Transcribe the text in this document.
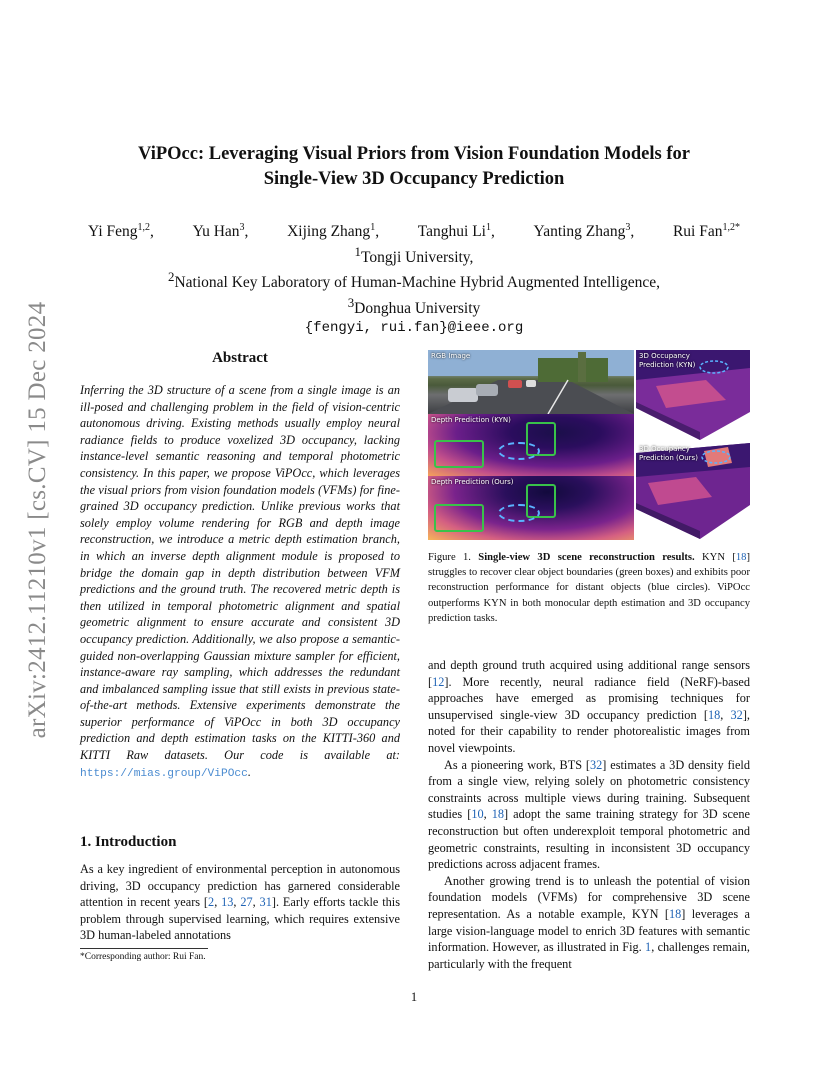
arXiv:2412.11210v1 [cs.CV] 15 Dec 2024
ViPOcc: Leveraging Visual Priors from Vision Foundation Models for
Single-View 3D Occupancy Prediction
Yi Feng$^{1,2}$, Yu Han$^3$, Xijing Zhang$^1$, Tanghui Li$^1$, Yanting Zhang$^3$, Rui Fan$^{1,2*}$
$^1$Tongji University,
$^2$National Key Laboratory of Human-Machine Hybrid Augmented Intelligence,
$^3$Donghua University
{fengyi, rui.fan}@ieee.org
Abstract

Inferring the 3D structure of a scene from a single image is an ill-posed and challenging problem in the field of vision-centric autonomous driving. Existing methods usually employ neural radiance fields to produce voxelized 3D occupancy, lacking instance-level semantic reasoning and temporal photometric consistency. In this paper, we propose ViPOcc, which leverages the visual priors from vision foundation models (VFMs) for fine-grained 3D occupancy prediction. Unlike previous works that solely employ volume rendering for RGB and depth image reconstruction, we introduce a metric depth estimation branch, in which an inverse depth alignment module is proposed to bridge the domain gap in depth distribution between VFM predictions and the ground truth. The recovered metric depth is then utilized in temporal photometric alignment and spatial geometric alignment to ensure accurate and consistent 3D occupancy prediction. Additionally, we also propose a semantic-guided non-overlapping Gaussian mixture sampler for efficient, instance-aware ray sampling, which addresses the redundant and imbalanced sampling issue that still exists in previous state-of-the-art methods. Extensive experiments demonstrate the superior performance of ViPOcc in both 3D occupancy prediction and depth estimation tasks on the KITTI-360 and KITTI Raw datasets. Our code is available at: https://mias.group/ViPOcc.

1. Introduction

As a key ingredient of environmental perception in autonomous driving, 3D occupancy prediction has garnered considerable attention in recent years [2, 13, 27, 31]. Early efforts tackle this problem through supervised learning, which requires extensive 3D human-labeled annotations

*Corresponding author: Rui Fan.
RGB Image
Depth Prediction (KYN)
Depth Prediction (Ours)
3D Occupancy Prediction (KYN)
3D Occupancy Prediction (Ours)

Figure 1. Single-view 3D scene reconstruction results. KYN [18] struggles to recover clear object boundaries (green boxes) and exhibits poor reconstruction performance for distant objects (blue circles). ViPOcc outperforms KYN in both monocular depth estimation and 3D occupancy prediction tasks.

and depth ground truth acquired using additional range sensors [12]. More recently, neural radiance field (NeRF)-based approaches have emerged as promising techniques for unsupervised single-view 3D occupancy prediction [18, 32], noted for their capability to render photorealistic images from novel viewpoints.

As a pioneering work, BTS [32] estimates a 3D density field from a single view, relying solely on photometric consistency constraints across multiple views during training. Subsequent studies [10, 18] adopt the same training strategy for 3D scene reconstruction but often underexploit temporal photometric and geometric constraints, resulting in inconsistent 3D occupancy predictions across adjacent frames.

Another growing trend is to unleash the potential of vision foundation models (VFMs) for comprehensive 3D scene representation. As a notable example, KYN [18] leverages a large vision-language model to enrich 3D features with semantic information. However, as illustrated in Fig. 1, challenges remain, particularly with the frequent

1
